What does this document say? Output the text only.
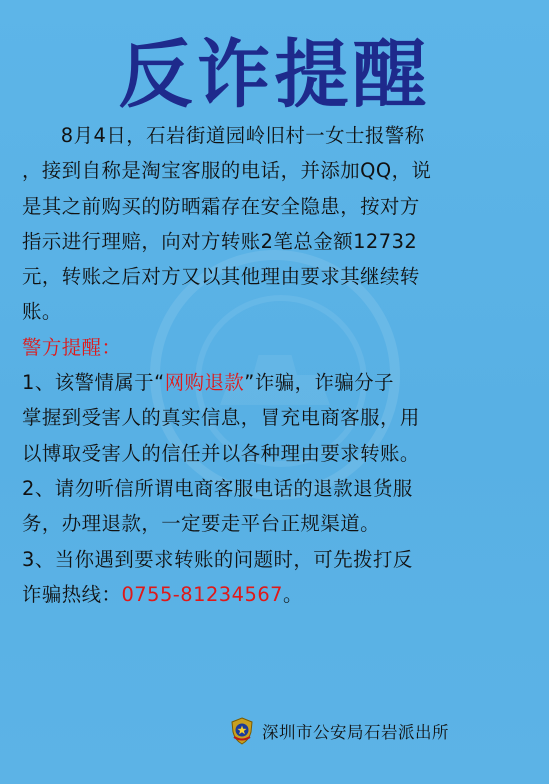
反诈提醒

8月4日，石岩街道园岭旧村一女士报警称

，接到自称是淘宝客服的电话，并添加QQ，说

是其之前购买的防晒霜存在安全隐患，按对方

指示进行理赔，向对方转账2笔总金额12732

元，转账之后对方又以其他理由要求其继续转

账。

警方提醒：

1、该警情属于“网购退款”诈骗，诈骗分子

掌握到受害人的真实信息，冒充电商客服，用

以博取受害人的信任并以各种理由要求转账。

2、请勿听信所谓电商客服电话的退款退货服

务，办理退款，一定要走平台正规渠道。

3、当你遇到要求转账的问题时，可先拨打反

诈骗热线：0755-81234567。

深圳市公安局石岩派出所
